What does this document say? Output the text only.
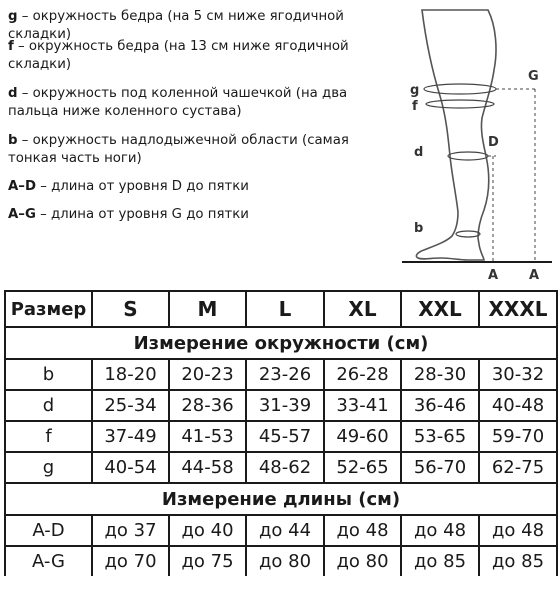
g – окружность бедра (на 5 см ниже ягодичной складки)

f – окружность бедра (на 13 см ниже ягодичной складки)

d – окружность под коленной чашечкой (на два пальца ниже коленного сустава)

b – окружность надлодыжечной области (самая тонкая часть ноги)

A–D – длина от уровня D до пятки

A–G – длина от уровня G до пятки

g
G
f
d
D
b
A A
Размер	S	M	L	XL	XXL	XXXL
Измерение окружности (см)						
b	18-20	20-23	23-26	26-28	28-30	30-32
d	25-34	28-36	31-39	33-41	36-46	40-48
f	37-49	41-53	45-57	49-60	53-65	59-70
g	40-54	44-58	48-62	52-65	56-70	62-75
Измерение длины (см)						
A-D	до 37	до 40	до 44	до 48	до 48	до 48
A-G	до 70	до 75	до 80	до 80	до 85	до 85
